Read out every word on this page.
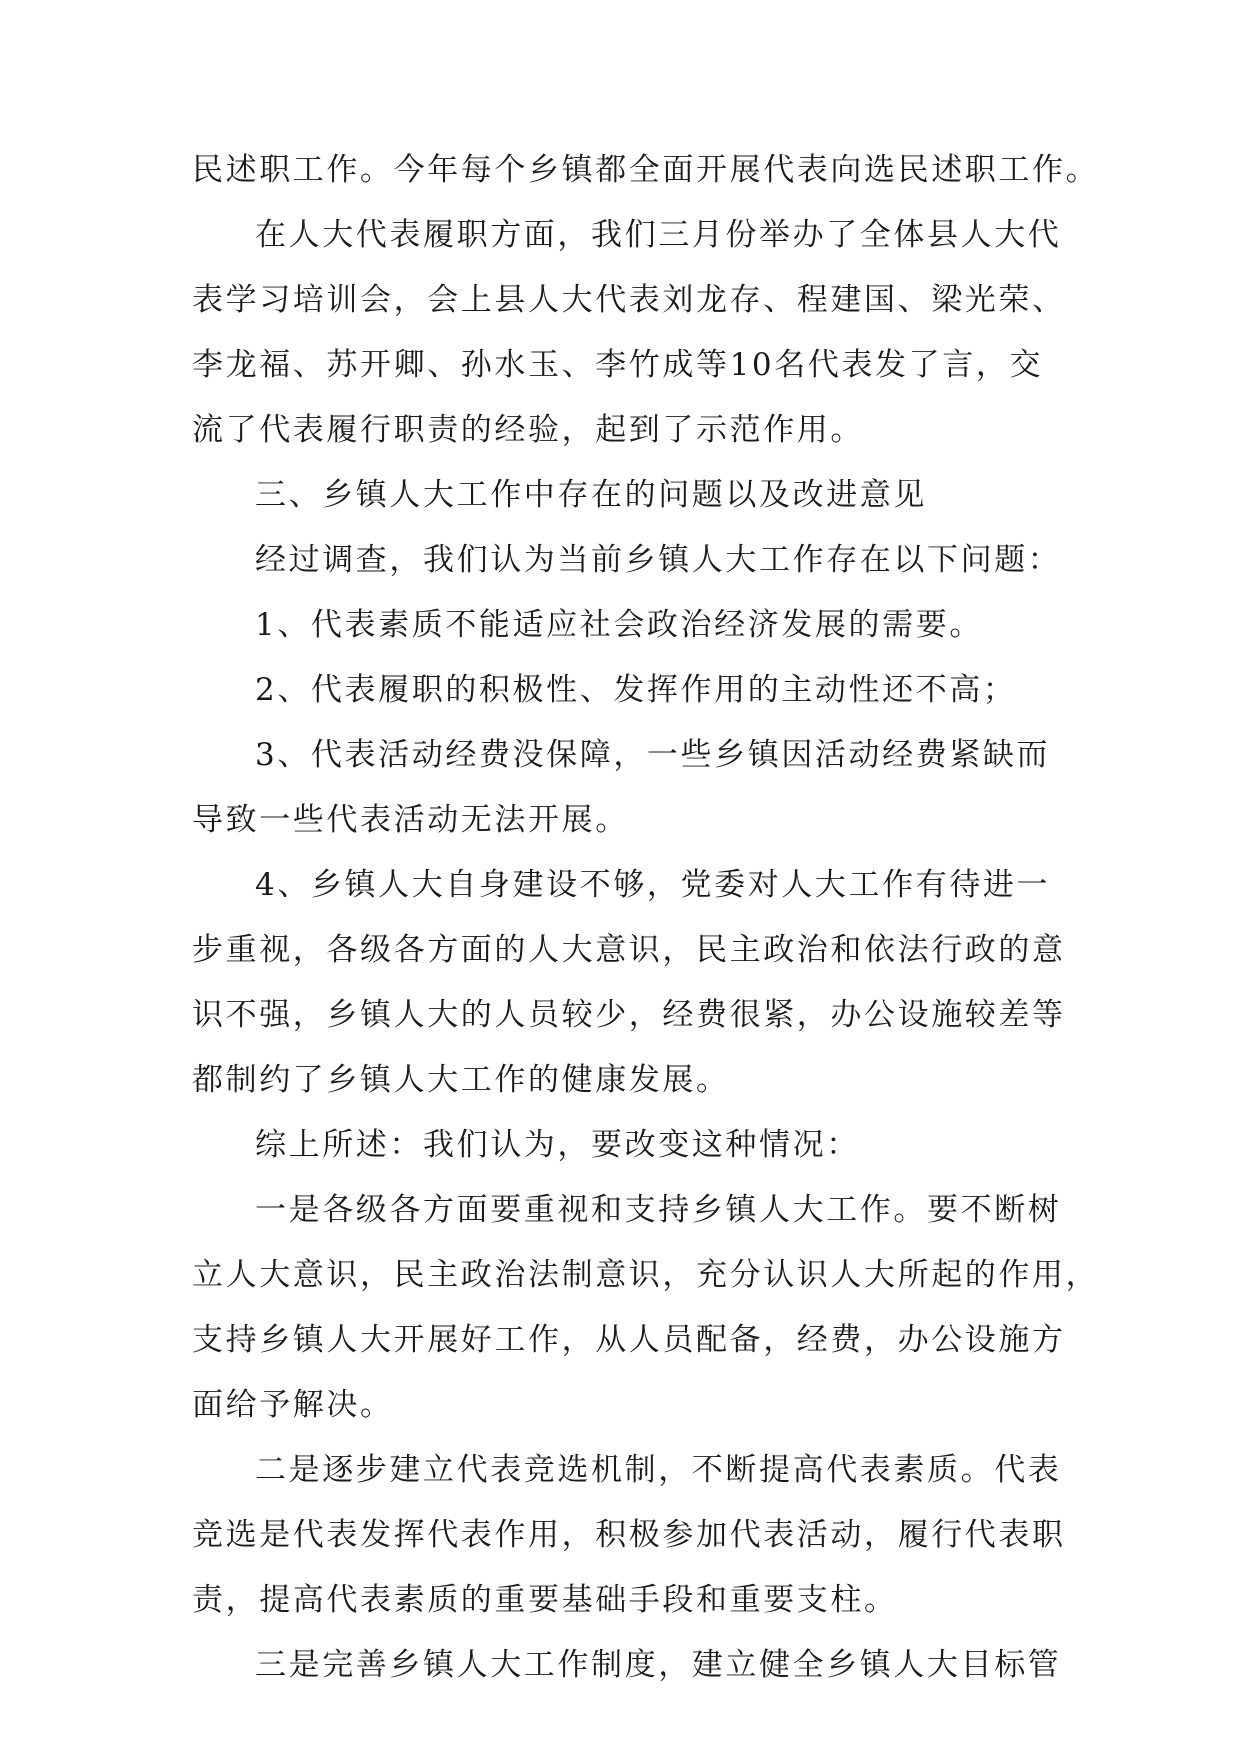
民述职工作。今年每个乡镇都全面开展代表向选民述职工作。
在人大代表履职方面，我们三月份举办了全体县人大代
表学习培训会，会上县人大代表刘龙存、程建国、梁光荣、
李龙福、苏开卿、孙水玉、李竹成等10名代表发了言，交
流了代表履行职责的经验，起到了示范作用。
三、乡镇人大工作中存在的问题以及改进意见
经过调查，我们认为当前乡镇人大工作存在以下问题：
1、代表素质不能适应社会政治经济发展的需要。
2、代表履职的积极性、发挥作用的主动性还不高；
3、代表活动经费没保障，一些乡镇因活动经费紧缺而
导致一些代表活动无法开展。
4、乡镇人大自身建设不够，党委对人大工作有待进一
步重视，各级各方面的人大意识，民主政治和依法行政的意
识不强，乡镇人大的人员较少，经费很紧，办公设施较差等
都制约了乡镇人大工作的健康发展。
综上所述：我们认为，要改变这种情况：
一是各级各方面要重视和支持乡镇人大工作。要不断树
立人大意识，民主政治法制意识，充分认识人大所起的作用，
支持乡镇人大开展好工作，从人员配备，经费，办公设施方
面给予解决。
二是逐步建立代表竞选机制，不断提高代表素质。代表
竞选是代表发挥代表作用，积极参加代表活动，履行代表职
责，提高代表素质的重要基础手段和重要支柱。
三是完善乡镇人大工作制度，建立健全乡镇人大目标管
